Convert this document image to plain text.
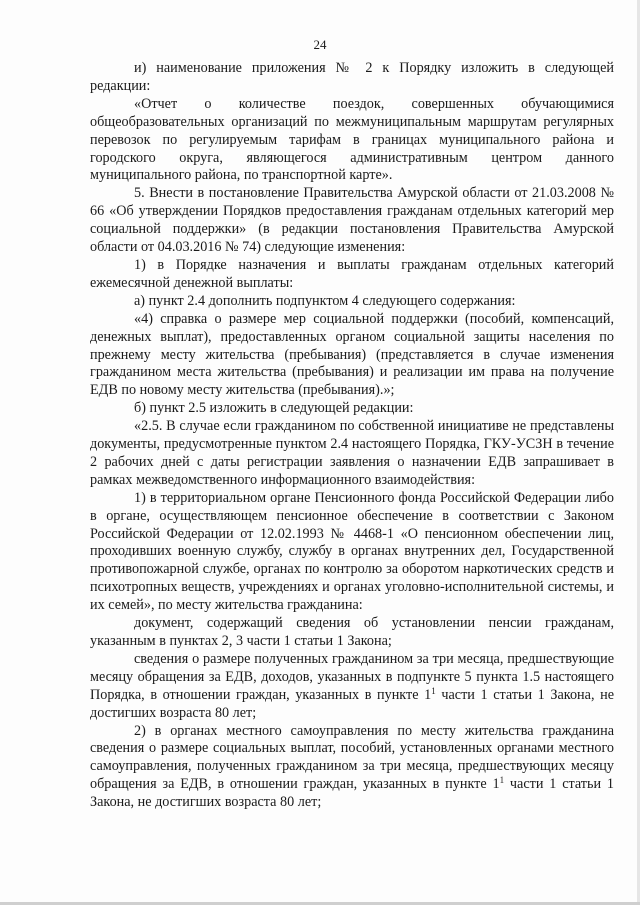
24

и) наименование приложения № 2 к Порядку изложить в следующей редакции:

«Отчет о количестве поездок, совершенных обучающимися общеобразовательных организаций по межмуниципальным маршрутам регулярных перевозок по регулируемым тарифам в границах муниципального района и городского округа, являющегося административным центром данного муниципального района, по транспортной карте».

5. Внести в постановление Правительства Амурской области от 21.03.2008 № 66 «Об утверждении Порядков предоставления гражданам отдельных категорий мер социальной поддержки» (в редакции постановления Правительства Амурской области от 04.03.2016 № 74) следующие изменения:

1) в Порядке назначения и выплаты гражданам отдельных категорий ежемесячной денежной выплаты:

а) пункт 2.4 дополнить подпунктом 4 следующего содержания:

«4) справка о размере мер социальной поддержки (пособий, компенсаций, денежных выплат), предоставленных органом социальной защиты населения по прежнему месту жительства (пребывания) (представляется в случае изменения гражданином места жительства (пребывания) и реализации им права на получение ЕДВ по новому месту жительства (пребывания).»;

б) пункт 2.5 изложить в следующей редакции:

«2.5. В случае если гражданином по собственной инициативе не представлены документы, предусмотренные пунктом 2.4 настоящего Порядка, ГКУ-УСЗН в течение 2 рабочих дней с даты регистрации заявления о назначении ЕДВ запрашивает в рамках межведомственного информационного взаимодействия:

1) в территориальном органе Пенсионного фонда Российской Федерации либо в органе, осуществляющем пенсионное обеспечение в соответствии с Законом Российской Федерации от 12.02.1993 № 4468-1 «О пенсионном обеспечении лиц, проходивших военную службу, службу в органах внутренних дел, Государственной противопожарной службе, органах по контролю за оборотом наркотических средств и психотропных веществ, учреждениях и органах уголовно-исполнительной системы, и их семей», по месту жительства гражданина:

документ, содержащий сведения об установлении пенсии гражданам, указанным в пунктах 2, 3 части 1 статьи 1 Закона;

сведения о размере полученных гражданином за три месяца, предшествующие месяцу обращения за ЕДВ, доходов, указанных в подпункте 5 пункта 1.5 настоящего Порядка, в отношении граждан, указанных в пункте $1^1$ части 1 статьи 1 Закона, не достигших возраста 80 лет;

2) в органах местного самоуправления по месту жительства гражданина сведения о размере социальных выплат, пособий, установленных органами местного самоуправления, полученных гражданином за три месяца, предшествующих месяцу обращения за ЕДВ, в отношении граждан, указанных в пункте $1^1$ части 1 статьи 1 Закона, не достигших возраста 80 лет;
